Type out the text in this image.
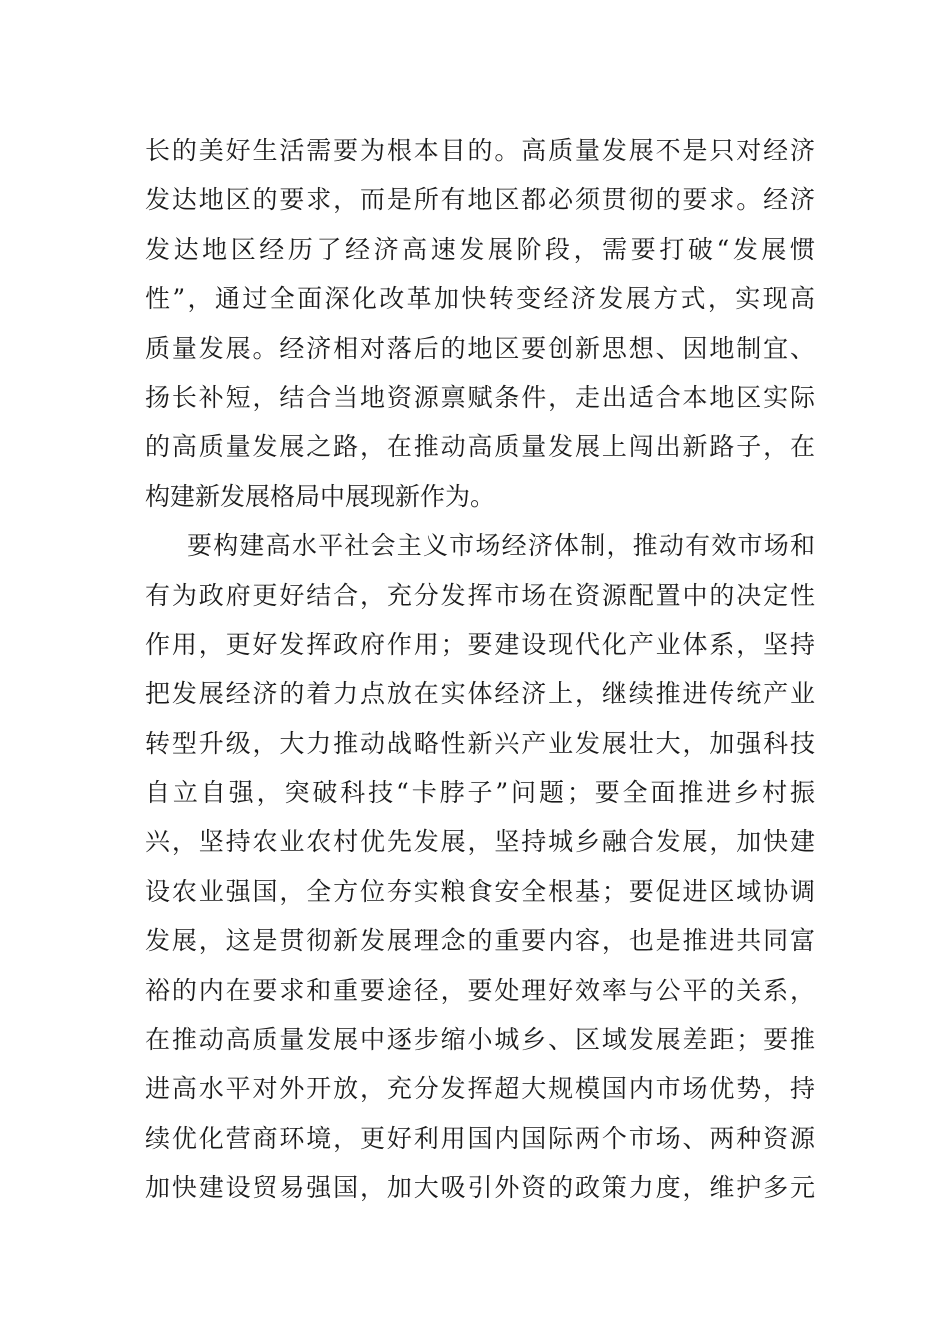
长的美好生活需要为根本目的。高质量发展不是只对经济
发达地区的要求，而是所有地区都必须贯彻的要求。经济
发达地区经历了经济高速发展阶段，需要打破“发展惯
性”，通过全面深化改革加快转变经济发展方式，实现高
质量发展。经济相对落后的地区要创新思想、因地制宜、
扬长补短，结合当地资源禀赋条件，走出适合本地区实际
的高质量发展之路，在推动高质量发展上闯出新路子，在
构建新发展格局中展现新作为。
要构建高水平社会主义市场经济体制，推动有效市场和
有为政府更好结合，充分发挥市场在资源配置中的决定性
作用，更好发挥政府作用；要建设现代化产业体系，坚持
把发展经济的着力点放在实体经济上，继续推进传统产业
转型升级，大力推动战略性新兴产业发展壮大，加强科技
自立自强，突破科技“卡脖子”问题；要全面推进乡村振
兴，坚持农业农村优先发展，坚持城乡融合发展，加快建
设农业强国，全方位夯实粮食安全根基；要促进区域协调
发展，这是贯彻新发展理念的重要内容，也是推进共同富
裕的内在要求和重要途径，要处理好效率与公平的关系，
在推动高质量发展中逐步缩小城乡、区域发展差距；要推
进高水平对外开放，充分发挥超大规模国内市场优势，持
续优化营商环境，更好利用国内国际两个市场、两种资源
加快建设贸易强国，加大吸引外资的政策力度，维护多元
